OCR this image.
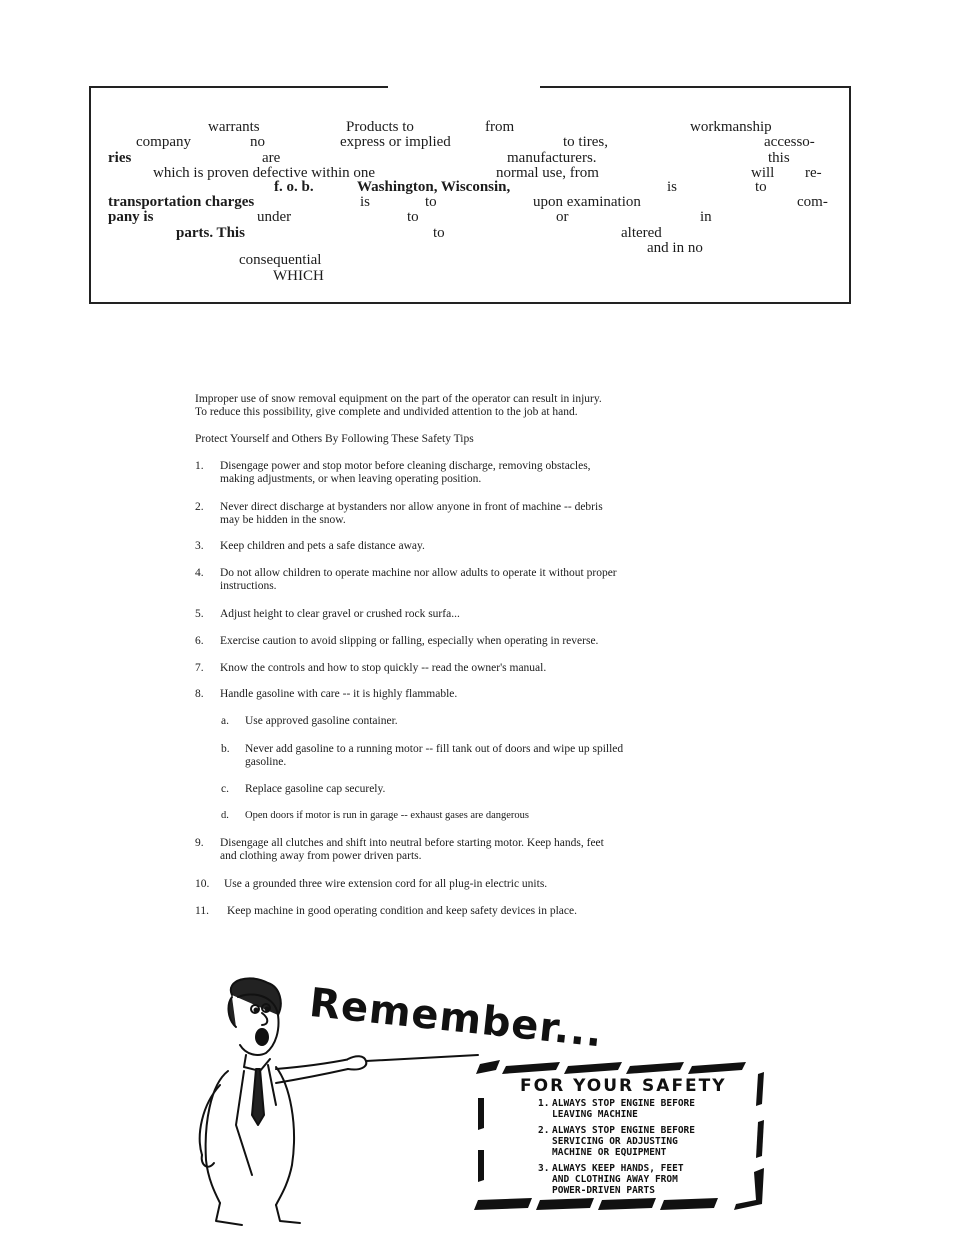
warrants	Products to	from	workmanship
company	no	express or implied	to tires,	accesso-
ries	are	manufacturers.	this
which is proven defective within one	normal use, from	will re-
f. o. b.	Washington, Wisconsin,	is	to
transportation charges	is	to	upon examination	com-
pany is	under	to	or	in
parts. This	to	altered
and in no
consequential
WHICH
Improper use of snow removal equipment on the part of the operator can result in injury.
To reduce this possibility, give complete and undivided attention to the job at hand.
Protect Yourself and Others By Following These Safety Tips
1. Disengage power and stop motor before cleaning discharge, removing obstacles,
making adjustments, or when leaving operating position.
2. Never direct discharge at bystanders nor allow anyone in front of machine -- debris
may be hidden in the snow.
3. Keep children and pets a safe distance away.
4. Do not allow children to operate machine nor allow adults to operate it without proper
instructions.
5. Adjust height to clear gravel or crushed rock surfa...
6. Exercise caution to avoid slipping or falling, especially when operating in reverse.
7. Know the controls and how to stop quickly -- read the owner's manual.
8. Handle gasoline with care -- it is highly flammable.
a. Use approved gasoline container.
b. Never add gasoline to a running motor -- fill tank out of doors and wipe up spilled
gasoline.
c. Replace gasoline cap securely.
d. Open doors if motor is run in garage -- exhaust gases are dangerous
9. Disengage all clutches and shift into neutral before starting motor. Keep hands, feet
and clothing away from power driven parts.
10. Use a grounded three wire extension cord for all plug-in electric units.
11. Keep machine in good operating condition and keep safety devices in place.
Remember...
FOR YOUR SAFETY
1. ALWAYS STOP ENGINE BEFORE
LEAVING MACHINE
2. ALWAYS STOP ENGINE BEFORE
SERVICING OR ADJUSTING
MACHINE OR EQUIPMENT
3. ALWAYS KEEP HANDS, FEET
AND CLOTHING AWAY FROM
POWER-DRIVEN PARTS
